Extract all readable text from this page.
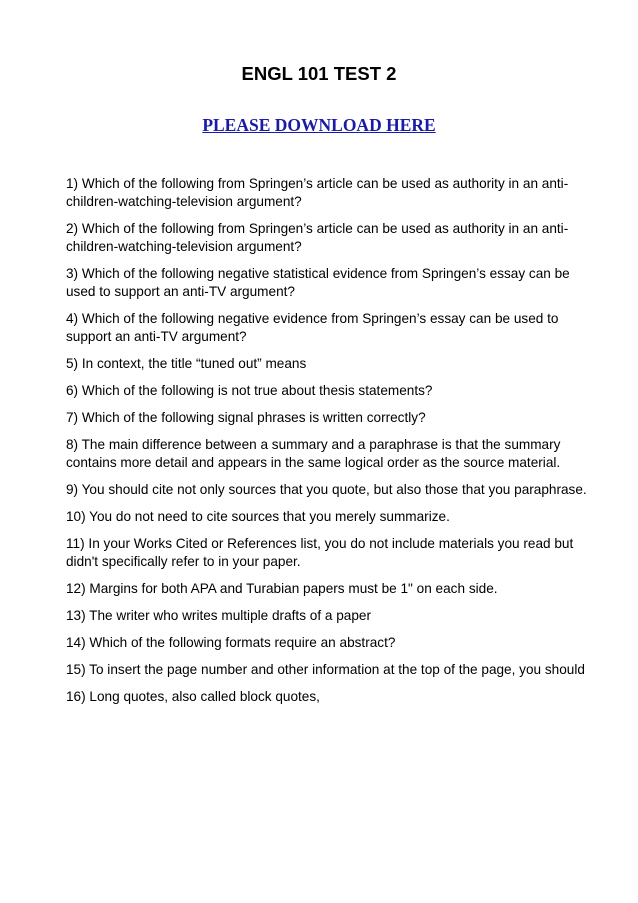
ENGL 101 TEST 2
PLEASE DOWNLOAD HERE
1) Which of the following from Springen’s article can be used as authority in an anti-children-watching-television argument?
2) Which of the following from Springen’s article can be used as authority in an anti-children-watching-television argument?
3) Which of the following negative statistical evidence from Springen’s essay can be used to support an anti-TV argument?
4) Which of the following negative evidence from Springen’s essay can be used to support an anti-TV argument?
5) In context, the title “tuned out” means
6) Which of the following is not true about thesis statements?
7) Which of the following signal phrases is written correctly?
8) The main difference between a summary and a paraphrase is that the summary contains more detail and appears in the same logical order as the source material.
9) You should cite not only sources that you quote, but also those that you paraphrase.
10) You do not need to cite sources that you merely summarize.
11) In your Works Cited or References list, you do not include materials you read but didn't specifically refer to in your paper.
12) Margins for both APA and Turabian papers must be 1" on each side.
13) The writer who writes multiple drafts of a paper
14) Which of the following formats require an abstract?
15) To insert the page number and other information at the top of the page, you should
16) Long quotes, also called block quotes,
